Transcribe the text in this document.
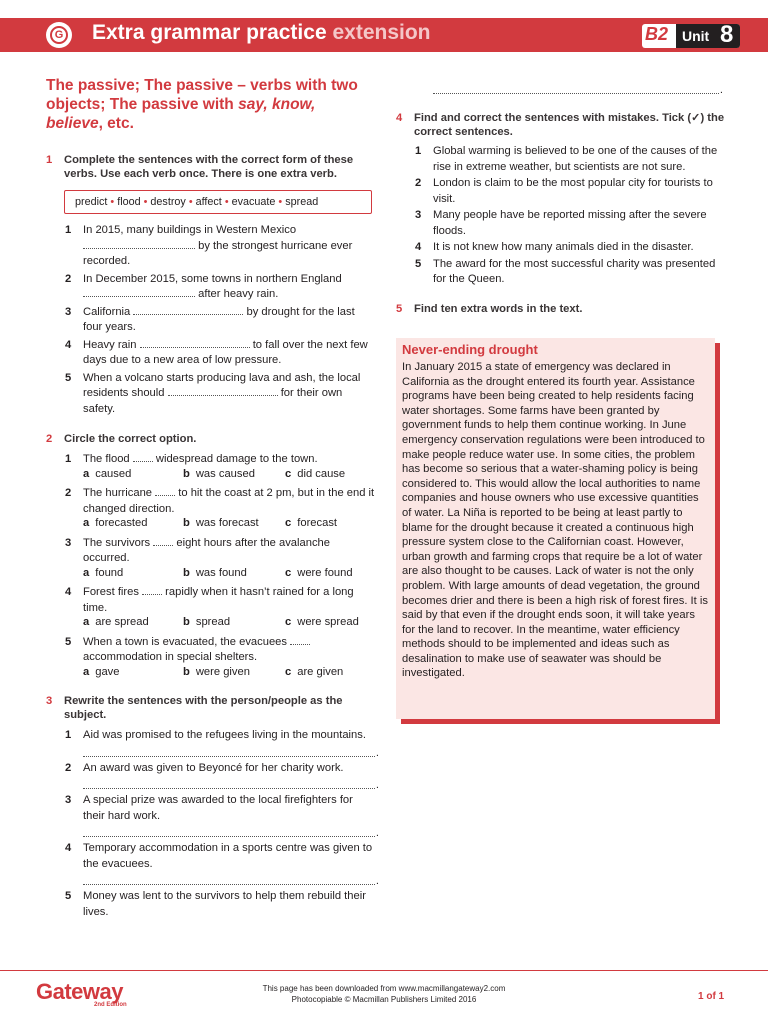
G Extra grammar practice extension	B2 Unit 8
The passive; The passive – verbs with two objects; The passive with say, know, believe, etc.
1 Complete the sentences with the correct form of these verbs. Use each verb once. There is one extra verb.
predict • flood • destroy • affect • evacuate • spread
1 In 2015, many buildings in Western Mexico
by the strongest hurricane ever recorded.
2 In December 2015, some towns in northern England
after heavy rain.
3 California	by drought for the last four years.
4 Heavy rain	to fall over the next few days due to a new area of low pressure.
5 When a volcano starts producing lava and ash, the local residents should	for their own safety.
2 Circle the correct option.
1 The flood widespread damage to the town.
a caused	b was caused	c did cause
2 The hurricane to hit the coast at 2 pm, but in the end it changed direction.
a forecasted	b was forecast c forecast
3 The survivors eight hours after the avalanche occurred.
a found	b was found	c were found
4 Forest fires rapidly when it hasn’t rained for a long time.
a are spread	b spread	c were spread
5 When a town is evacuated, the evacuees  accommodation in special shelters.
a gave	b were given	c are given
3 Rewrite the sentences with the person/people as the subject.
1 Aid was promised to the refugees living in the mountains.
.
2 An award was given to Beyoncé for her charity work.
.
3 A special prize was awarded to the local firefighters for their hard work.
.
4 Temporary accommodation in a sports centre was given to the evacuees.
.
5 Money was lent to the survivors to help them rebuild their lives.
.
4 Find and correct the sentences with mistakes. Tick (✓) the correct sentences.
1 Global warming is believed to be one of the causes of the rise in extreme weather, but scientists are not sure.
2 London is claim to be the most popular city for tourists to visit.
3 Many people have be reported missing after the severe floods.
4 It is not knew how many animals died in the disaster.
5 The award for the most successful charity was presented for the Queen.
5 Find ten extra words in the text.
Never-ending drought

In January 2015 a state of emergency was declared in California as the drought entered its fourth year. Assistance programs have been being created to help residents facing water shortages. Some farms have been granted by government funds to help them continue working. In June emergency conservation regulations were been introduced to make people reduce water use. In some cities, the problem has become so serious that a water-shaming policy is being considered to. This would allow the local authorities to name companies and house owners who use excessive quantities of water. La Niña is reported to be being at least partly to blame for the drought because it created a continuous high pressure system close to the Californian coast. However, urban growth and farming crops that require be a lot of water are also thought to be causes. Lack of water is not the only problem. With large amounts of dead vegetation, the ground becomes drier and there is been a high risk of forest fires. It is said by that even if the drought ends soon, it will take years for the land to recover. In the meantime, water efficiency methods should to be implemented and ideas such as desalination to make use of seawater was should be investigated.

Gateway
2nd Edition
This page has been downloaded from www.macmillangateway2.com
Photocopiable © Macmillan Publishers Limited 2016	1 of 1
